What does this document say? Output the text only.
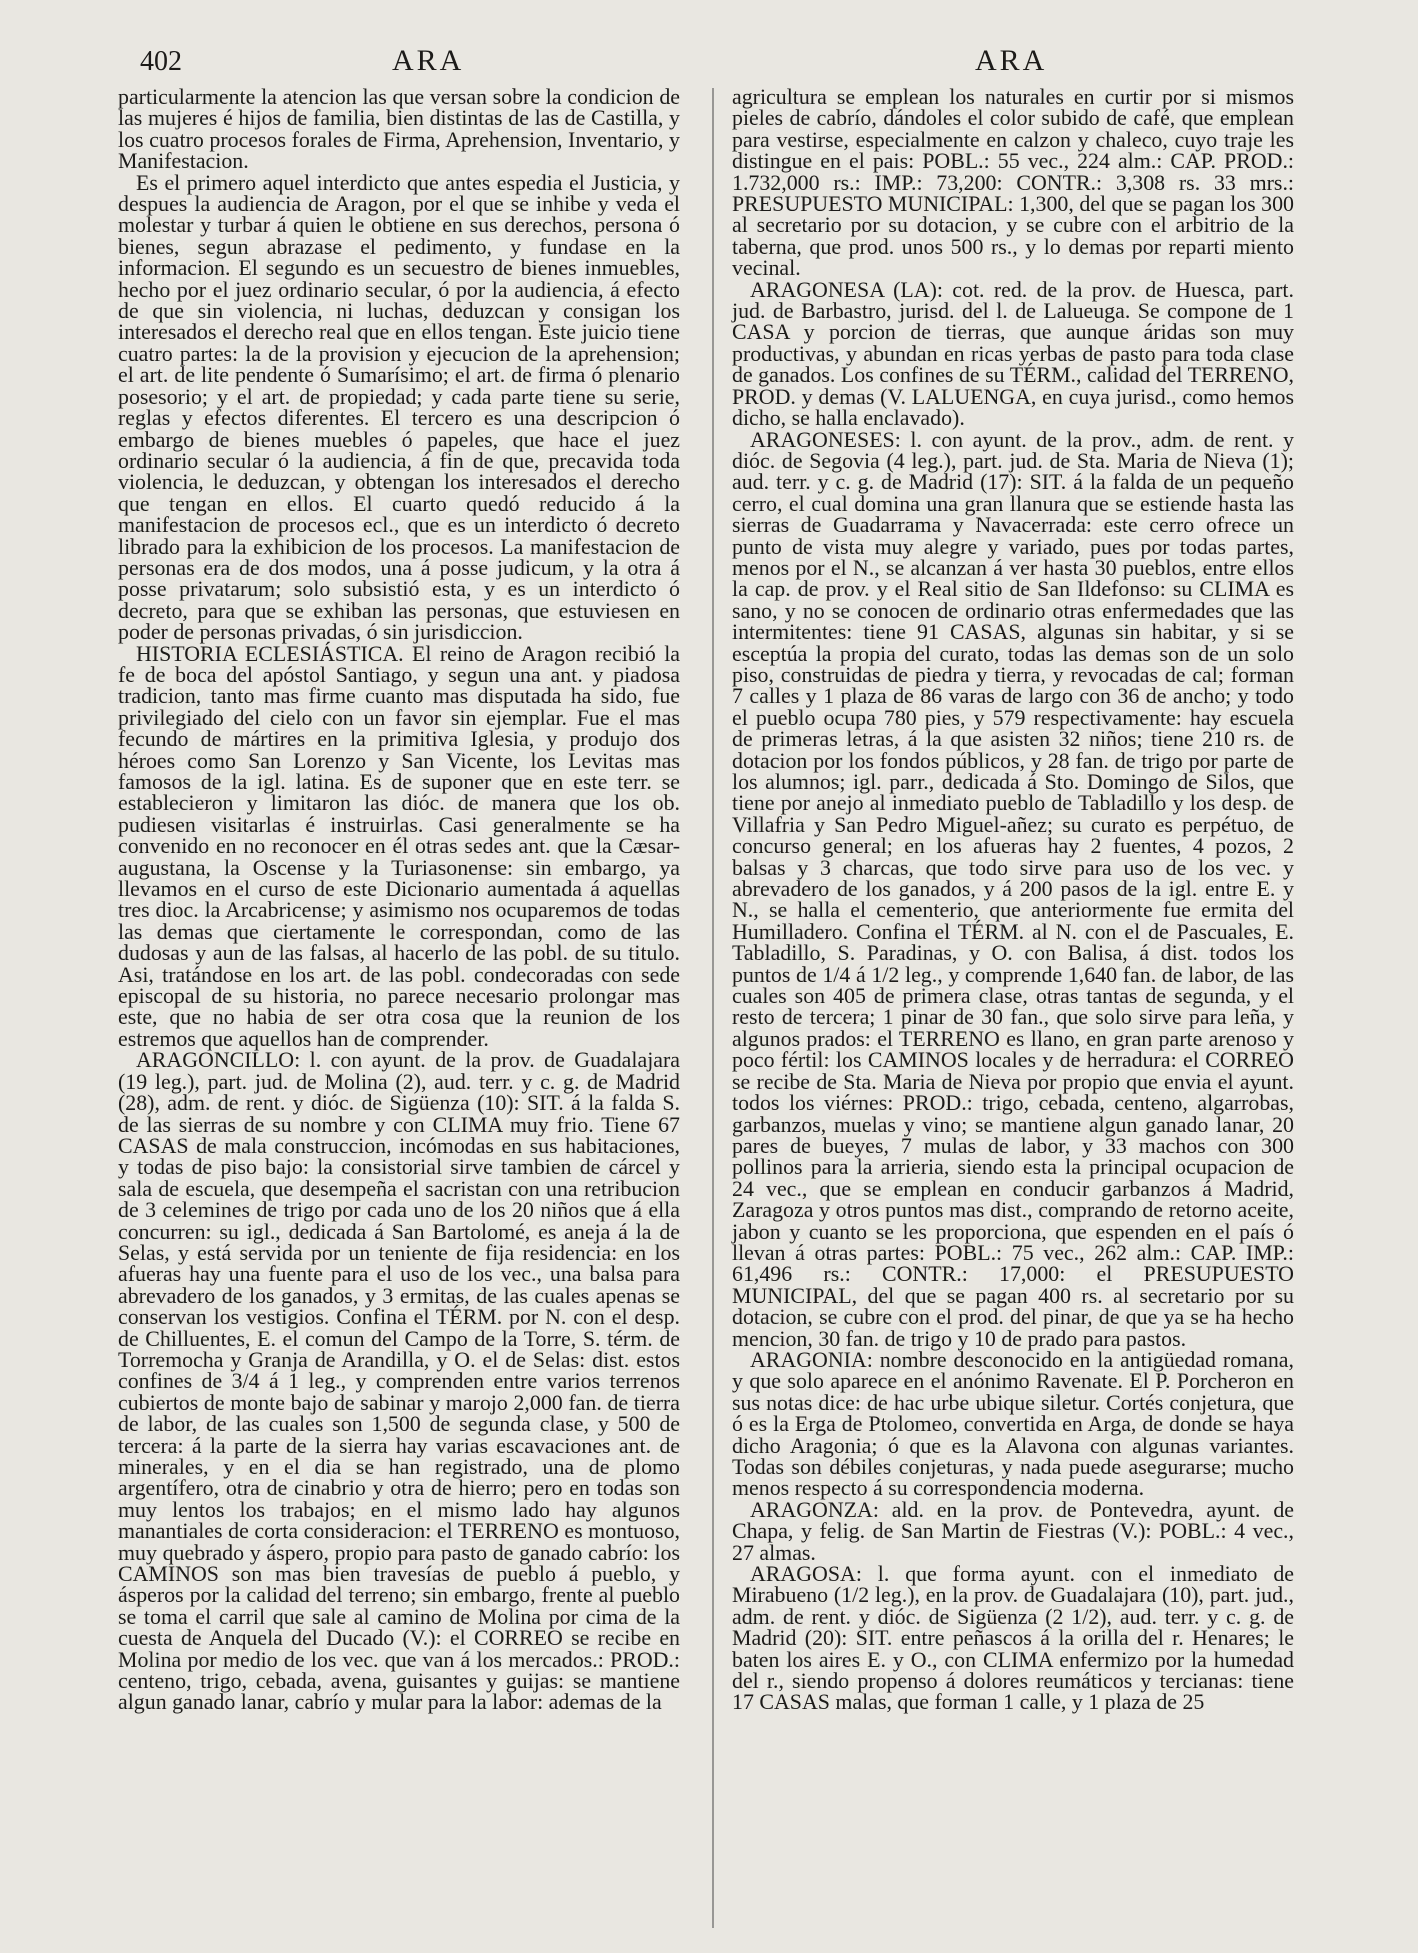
402	ARA	ARA

particularmente la atencion las que versan sobre la condicion de las mujeres é hijos de familia, bien distintas de las de Castilla, y los cuatro procesos forales de Firma, Aprehension, Inventario, y Manifestacion.

Es el primero aquel interdicto que antes espedia el Justicia, y despues la audiencia de Aragon, por el que se inhibe y veda el molestar y turbar á quien le obtiene en sus derechos, persona ó bienes, segun abrazase el pedimento, y fundase en la informacion. El segundo es un secuestro de bienes inmuebles, hecho por el juez ordinario secular, ó por la audiencia, á efecto de que sin violencia, ni luchas, deduzcan y consigan los interesados el derecho real que en ellos tengan. Este juicio tiene cuatro partes: la de la provision y ejecucion de la aprehension; el art. de lite pendente ó Sumarísimo; el art. de firma ó plenario posesorio; y el art. de propiedad; y cada parte tiene su serie, reglas y efectos diferentes. El tercero es una descripcion ó embargo de bienes muebles ó papeles, que hace el juez ordinario secular ó la audiencia, á fin de que, precavida toda violencia, le deduzcan, y obtengan los interesados el derecho que tengan en ellos. El cuarto quedó reducido á la manifestacion de procesos ecl., que es un interdicto ó decreto librado para la exhibicion de los procesos. La manifestacion de personas era de dos modos, una á posse judicum, y la otra á posse privatarum; solo subsistió esta, y es un interdicto ó decreto, para que se exhiban las personas, que estuviesen en poder de personas privadas, ó sin jurisdiccion.

HISTORIA ECLESIÁSTICA. El reino de Aragon recibió la fe de boca del apóstol Santiago, y segun una ant. y piadosa tradicion, tanto mas firme cuanto mas disputada ha sido, fue privilegiado del cielo con un favor sin ejemplar. Fue el mas fecundo de mártires en la primitiva Iglesia, y produjo dos héroes como San Lorenzo y San Vicente, los Levitas mas famosos de la igl. latina. Es de suponer que en este terr. se establecieron y limitaron las dióc. de manera que los ob. pudiesen visitarlas é instruirlas. Casi generalmente se ha convenido en no reconocer en él otras sedes ant. que la Cæsar-augustana, la Oscense y la Turiasonense: sin embargo, ya llevamos en el curso de este Dicionario aumentada á aquellas tres dioc. la Arcabricense; y asimismo nos ocuparemos de todas las demas que ciertamente le correspondan, como de las dudosas y aun de las falsas, al hacerlo de las pobl. de su titulo. Asi, tratándose en los art. de las pobl. condecoradas con sede episcopal de su historia, no parece necesario prolongar mas este, que no habia de ser otra cosa que la reunion de los estremos que aquellos han de comprender.

ARAGONCILLO: l. con ayunt. de la prov. de Guadalajara (19 leg.), part. jud. de Molina (2), aud. terr. y c. g. de Madrid (28), adm. de rent. y dióc. de Sigüenza (10): SIT. á la falda S. de las sierras de su nombre y con CLIMA muy frio. Tiene 67 CASAS de mala construccion, incómodas en sus habitaciones, y todas de piso bajo: la consistorial sirve tambien de cárcel y sala de escuela, que desempeña el sacristan con una retribucion de 3 celemines de trigo por cada uno de los 20 niños que á ella concurren: su igl., dedicada á San Bartolomé, es aneja á la de Selas, y está servida por un teniente de fija residencia: en los afueras hay una fuente para el uso de los vec., una balsa para abrevadero de los ganados, y 3 ermitas, de las cuales apenas se conservan los vestigios. Confina el TÉRM. por N. con el desp. de Chilluentes, E. el comun del Campo de la Torre, S. térm. de Torremocha y Granja de Arandilla, y O. el de Selas: dist. estos confines de 3/4 á 1 leg., y comprenden entre varios terrenos cubiertos de monte bajo de sabinar y marojo 2,000 fan. de tierra de labor, de las cuales son 1,500 de segunda clase, y 500 de tercera: á la parte de la sierra hay varias escavaciones ant. de minerales, y en el dia se han registrado, una de plomo argentífero, otra de cinabrio y otra de hierro; pero en todas son muy lentos los trabajos; en el mismo lado hay algunos manantiales de corta consideracion: el TERRENO es montuoso, muy quebrado y áspero, propio para pasto de ganado cabrío: los CAMINOS son mas bien travesías de pueblo á pueblo, y ásperos por la calidad del terreno; sin embargo, frente al pueblo se toma el carril que sale al camino de Molina por cima de la cuesta de Anquela del Ducado (V.): el CORREO se recibe en Molina por medio de los vec. que van á los mercados.: PROD.: centeno, trigo, cebada, avena, guisantes y guijas: se mantiene algun ganado lanar, cabrío y mular para la labor: ademas de la

agricultura se emplean los naturales en curtir por si mismos pieles de cabrío, dándoles el color subido de café, que emplean para vestirse, especialmente en calzon y chaleco, cuyo traje les distingue en el pais: POBL.: 55 vec., 224 alm.: CAP. PROD.: 1.732,000 rs.: IMP.: 73,200: CONTR.: 3,308 rs. 33 mrs.: PRESUPUESTO MUNICIPAL: 1,300, del que se pagan los 300 al secretario por su dotacion, y se cubre con el arbitrio de la taberna, que prod. unos 500 rs., y lo demas por reparti miento vecinal.

ARAGONESA (LA): cot. red. de la prov. de Huesca, part. jud. de Barbastro, jurisd. del l. de Lalueuga. Se compone de 1 CASA y porcion de tierras, que aunque áridas son muy productivas, y abundan en ricas yerbas de pasto para toda clase de ganados. Los confines de su TÉRM., calidad del TERRENO, PROD. y demas (V. LALUENGA, en cuya jurisd., como hemos dicho, se halla enclavado).

ARAGONESES: l. con ayunt. de la prov., adm. de rent. y dióc. de Segovia (4 leg.), part. jud. de Sta. Maria de Nieva (1); aud. terr. y c. g. de Madrid (17): SIT. á la falda de un pequeño cerro, el cual domina una gran llanura que se estiende hasta las sierras de Guadarrama y Navacerrada: este cerro ofrece un punto de vista muy alegre y variado, pues por todas partes, menos por el N., se alcanzan á ver hasta 30 pueblos, entre ellos la cap. de prov. y el Real sitio de San Ildefonso: su CLIMA es sano, y no se conocen de ordinario otras enfermedades que las intermitentes: tiene 91 CASAS, algunas sin habitar, y si se esceptúa la propia del curato, todas las demas son de un solo piso, construidas de piedra y tierra, y revocadas de cal; forman 7 calles y 1 plaza de 86 varas de largo con 36 de ancho; y todo el pueblo ocupa 780 pies, y 579 respectivamente: hay escuela de primeras letras, á la que asisten 32 niños; tiene 210 rs. de dotacion por los fondos públicos, y 28 fan. de trigo por parte de los alumnos; igl. parr., dedicada á Sto. Domingo de Silos, que tiene por anejo al inmediato pueblo de Tabladillo y los desp. de Villafria y San Pedro Miguel-añez; su curato es perpétuo, de concurso general; en los afueras hay 2 fuentes, 4 pozos, 2 balsas y 3 charcas, que todo sirve para uso de los vec. y abrevadero de los ganados, y á 200 pasos de la igl. entre E. y N., se halla el cementerio, que anteriormente fue ermita del Humilladero. Confina el TÉRM. al N. con el de Pascuales, E. Tabladillo, S. Paradinas, y O. con Balisa, á dist. todos los puntos de 1/4 á 1/2 leg., y comprende 1,640 fan. de labor, de las cuales son 405 de primera clase, otras tantas de segunda, y el resto de tercera; 1 pinar de 30 fan., que solo sirve para leña, y algunos prados: el TERRENO es llano, en gran parte arenoso y poco fértil: los CAMINOS locales y de herradura: el CORREO se recibe de Sta. Maria de Nieva por propio que envia el ayunt. todos los viérnes: PROD.: trigo, cebada, centeno, algarrobas, garbanzos, muelas y vino; se mantiene algun ganado lanar, 20 pares de bueyes, 7 mulas de labor, y 33 machos con 300 pollinos para la arrieria, siendo esta la principal ocupacion de 24 vec., que se emplean en conducir garbanzos á Madrid, Zaragoza y otros puntos mas dist., comprando de retorno aceite, jabon y cuanto se les proporciona, que espenden en el país ó llevan á otras partes: POBL.: 75 vec., 262 alm.: CAP. IMP.: 61,496 rs.: CONTR.: 17,000: el PRESUPUESTO MUNICIPAL, del que se pagan 400 rs. al secretario por su dotacion, se cubre con el prod. del pinar, de que ya se ha hecho mencion, 30 fan. de trigo y 10 de prado para pastos.

ARAGONIA: nombre desconocido en la antigüedad romana, y que solo aparece en el anónimo Ravenate. El P. Porcheron en sus notas dice: de hac urbe ubique siletur. Cortés conjetura, que ó es la Erga de Ptolomeo, convertida en Arga, de donde se haya dicho Aragonia; ó que es la Alavona con algunas variantes. Todas son débiles conjeturas, y nada puede asegurarse; mucho menos respecto á su correspondencia moderna.

ARAGONZA: ald. en la prov. de Pontevedra, ayunt. de Chapa, y felig. de San Martin de Fiestras (V.): POBL.: 4 vec., 27 almas.

ARAGOSA: l. que forma ayunt. con el inmediato de Mirabueno (1/2 leg.), en la prov. de Guadalajara (10), part. jud., adm. de rent. y dióc. de Sigüenza (2 1/2), aud. terr. y c. g. de Madrid (20): SIT. entre peñascos á la orilla del r. Henares; le baten los aires E. y O., con CLIMA enfermizo por la humedad del r., siendo propenso á dolores reumáticos y tercianas: tiene 17 CASAS malas, que forman 1 calle, y 1 plaza de 25
